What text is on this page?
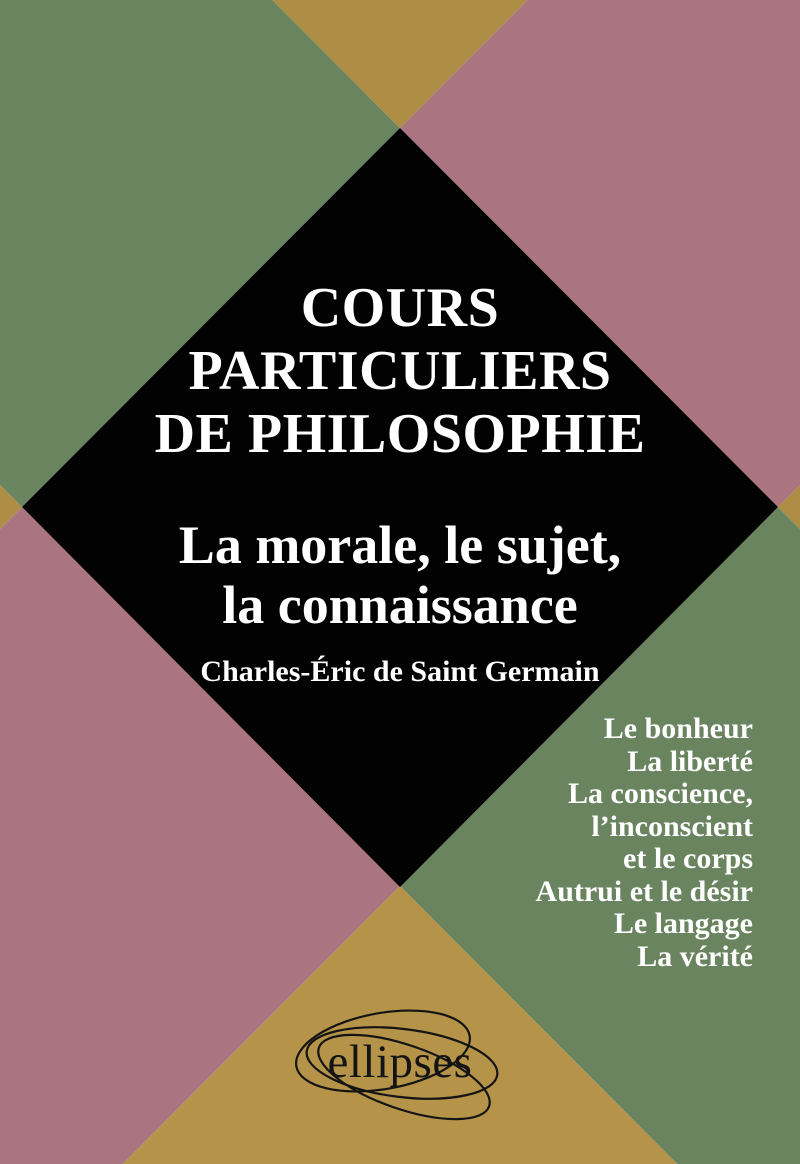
ellipses
COURS
PARTICULIERS
DE PHILOSOPHIE
La morale, le sujet,
la connaissance
Charles-Éric de Saint Germain
Le bonheur
La liberté
La conscience,
l’inconscient
et le corps
Autrui et le désir
Le langage
La vérité
